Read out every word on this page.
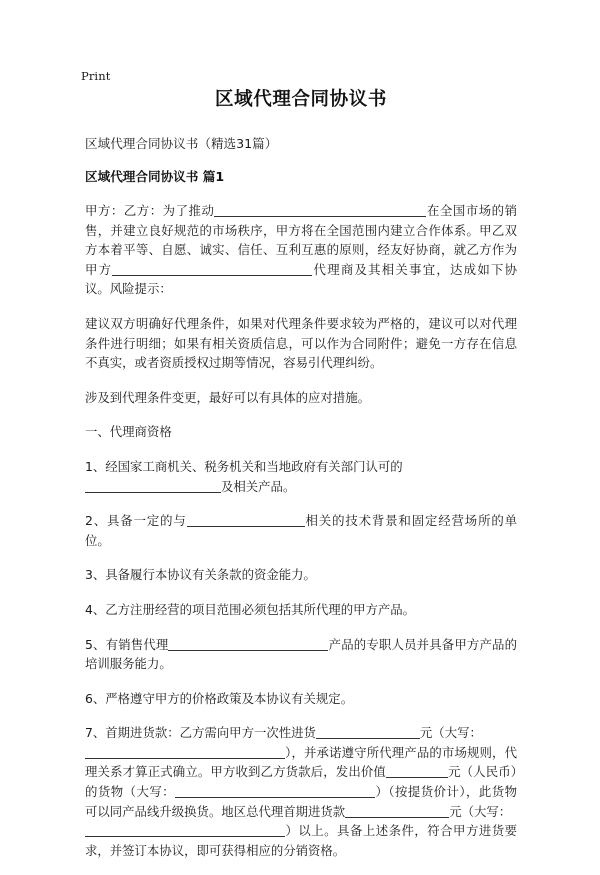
Print
区域代理合同协议书
区域代理合同协议书（精选31篇）
区域代理合同协议书 篇1

甲方：乙方：为了推动	在全国市场的销售，并建立良好规范的市场秩序，甲方将在全国范围内建立合作体系。甲乙双方本着平等、自愿、诚实、信任、互利互惠的原则，经友好协商，就乙方作为甲方	代理商及其相关事宜，达成如下协议。风险提示：

建议双方明确好代理条件，如果对代理条件要求较为严格的，建议可以对代理条件进行明细；如果有相关资质信息，可以作为合同附件；避免一方存在信息不真实，或者资质授权过期等情况，容易引代理纠纷。

涉及到代理条件变更，最好可以有具体的应对措施。

一、代理商资格

1、经国家工商机关、税务机关和当地政府有关部门认可的
及相关产品。

2、具备一定的与	相关的技术背景和固定经营场所的单位。

3、具备履行本协议有关条款的资金能力。

4、乙方注册经营的项目范围必须包括其所代理的甲方产品。

5、有销售代理	产品的专职人员并具备甲方产品的培训服务能力。

6、严格遵守甲方的价格政策及本协议有关规定。

7、首期进货款：乙方需向甲方一次性进货	元（大写：
），并承诺遵守所代理产品的市场规则，代理关系才算正式确立。甲方收到乙方货款后，发出价值	元（人民币）的货物（大写：	）（按提货价计），此货物可以同产品线升级换货。地区总代理首期进货款	元（大写：
）以上。具备上述条件，符合甲方进货要求，并签订本协议，即可获得相应的分销资格。
